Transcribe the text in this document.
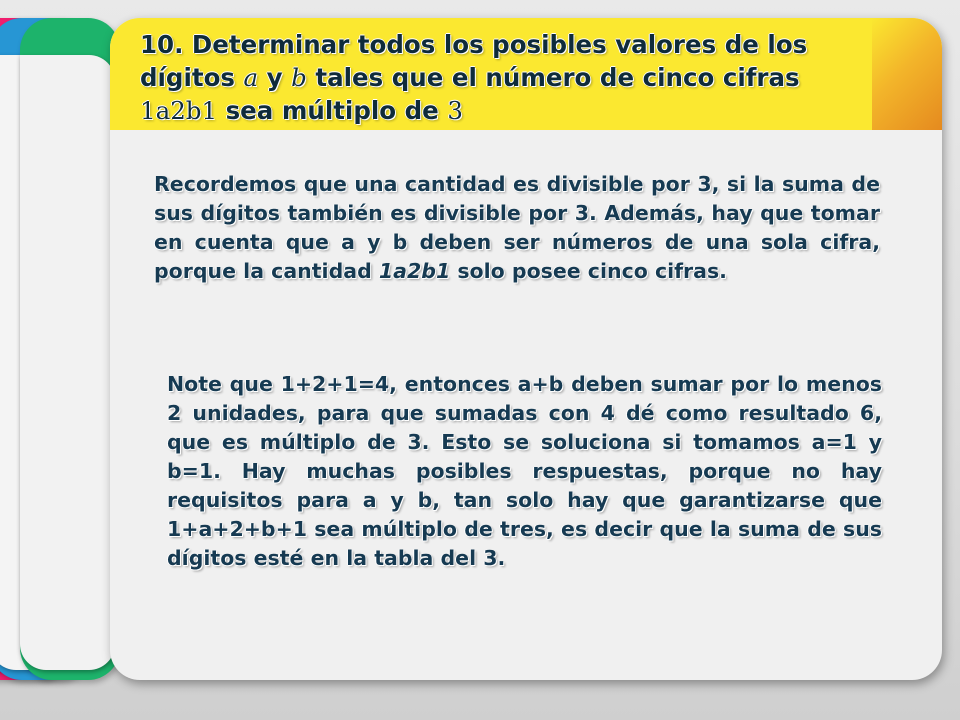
10. Determinar todos los posibles valores de los dígitos a y b tales que el número de cinco cifras 1a2b1 sea múltiplo de 3

Recordemos que una cantidad es divisible por 3, si la suma de sus dígitos también es divisible por 3. Además, hay que tomar en cuenta que a y b deben ser números de una sola cifra, porque la cantidad 1a2b1 solo posee cinco cifras.

Note que 1+2+1=4, entonces a+b deben sumar por lo menos 2 unidades, para que sumadas con 4 dé como resultado 6, que es múltiplo de 3. Esto se soluciona si tomamos a=1 y b=1. Hay muchas posibles respuestas, porque no hay requisitos para a y b, tan solo hay que garantizarse que 1+a+2+b+1 sea múltiplo de tres, es decir que la suma de sus dígitos esté en la tabla del 3.
